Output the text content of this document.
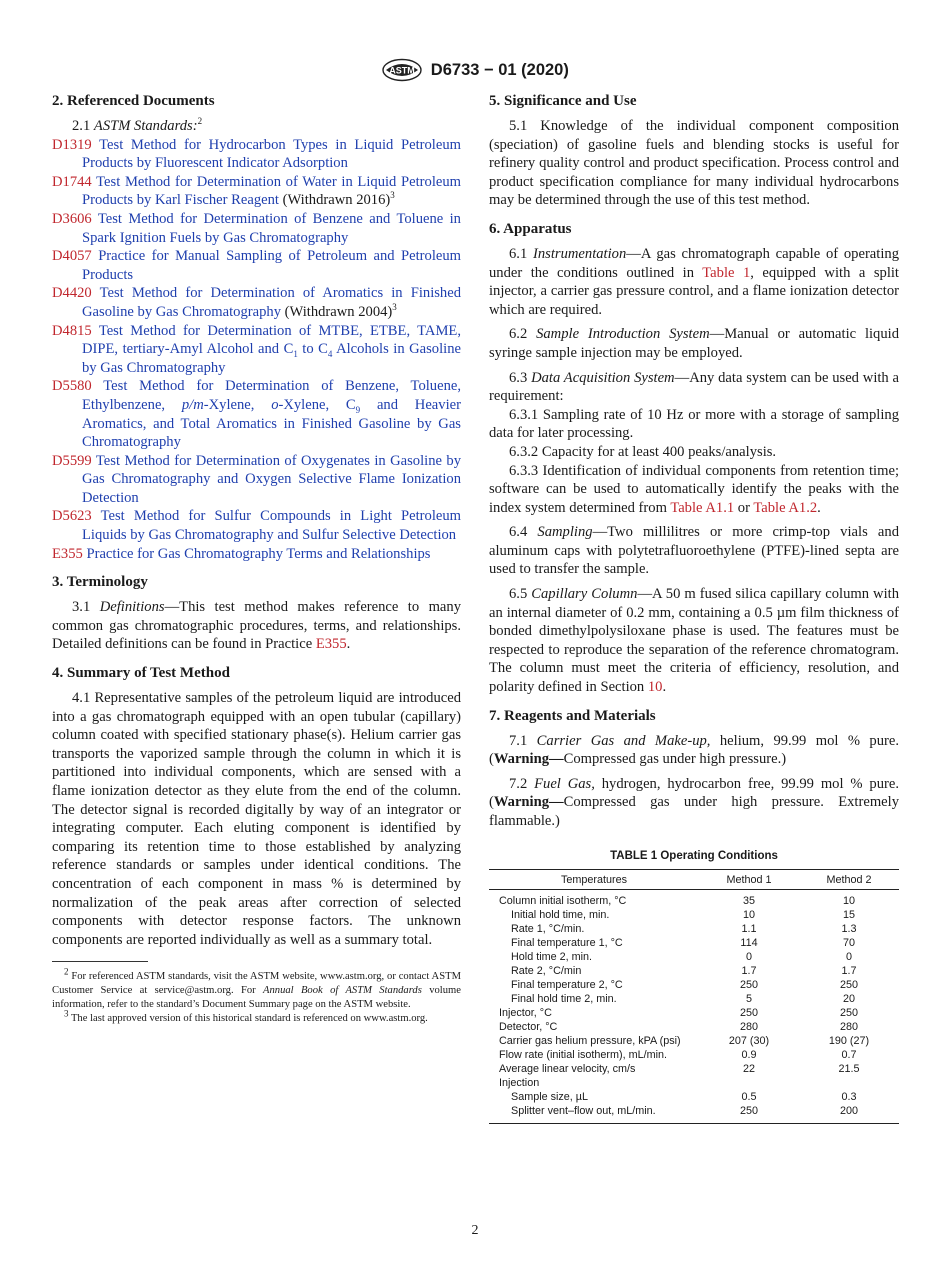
ASTM D6733 − 01 (2020)
2. Referenced Documents

2.1 ASTM Standards:$^2$

D1319 Test Method for Hydrocarbon Types in Liquid Petroleum Products by Fluorescent Indicator Adsorption

D1744 Test Method for Determination of Water in Liquid Petroleum Products by Karl Fischer Reagent (Withdrawn 2016)$^3$

D3606 Test Method for Determination of Benzene and Toluene in Spark Ignition Fuels by Gas Chromatography

D4057 Practice for Manual Sampling of Petroleum and Petroleum Products

D4420 Test Method for Determination of Aromatics in Finished Gasoline by Gas Chromatography (Withdrawn 2004)$^3$

D4815 Test Method for Determination of MTBE, ETBE, TAME, DIPE, tertiary-Amyl Alcohol and $C_1$ to $C_4$ Alcohols in Gasoline by Gas Chromatography

D5580 Test Method for Determination of Benzene, Toluene, Ethylbenzene, p/m-Xylene, o-Xylene, $C_9$ and Heavier Aromatics, and Total Aromatics in Finished Gasoline by Gas Chromatography

D5599 Test Method for Determination of Oxygenates in Gasoline by Gas Chromatography and Oxygen Selective Flame Ionization Detection

D5623 Test Method for Sulfur Compounds in Light Petroleum Liquids by Gas Chromatography and Sulfur Selective Detection

E355 Practice for Gas Chromatography Terms and Relationships

3. Terminology

3.1 Definitions—This test method makes reference to many common gas chromatographic procedures, terms, and relationships. Detailed definitions can be found in Practice E355.

4. Summary of Test Method

4.1 Representative samples of the petroleum liquid are introduced into a gas chromatograph equipped with an open tubular (capillary) column coated with specified stationary phase(s). Helium carrier gas transports the vaporized sample through the column in which it is partitioned into individual components, which are sensed with a flame ionization detector as they elute from the end of the column. The detector signal is recorded digitally by way of an integrator or integrating computer. Each eluting component is identified by comparing its retention time to those established by analyzing reference standards or samples under identical conditions. The concentration of each component in mass % is determined by normalization of the peak areas after correction of selected components with detector response factors. The unknown components are reported individually as well as a summary total.

$^2$ For referenced ASTM standards, visit the ASTM website, www.astm.org, or contact ASTM Customer Service at service@astm.org. For Annual Book of ASTM Standards volume information, refer to the standard’s Document Summary page on the ASTM website.

$^3$ The last approved version of this historical standard is referenced on www.astm.org.

5. Significance and Use

5.1 Knowledge of the individual component composition (speciation) of gasoline fuels and blending stocks is useful for refinery quality control and product specification. Process control and product specification compliance for many individual hydrocarbons may be determined through the use of this test method.

6. Apparatus

6.1 Instrumentation—A gas chromatograph capable of operating under the conditions outlined in Table 1, equipped with a split injector, a carrier gas pressure control, and a flame ionization detector which are required.

6.2 Sample Introduction System—Manual or automatic liquid syringe sample injection may be employed.

6.3 Data Acquisition System—Any data system can be used with a requirement:

6.3.1 Sampling rate of 10 Hz or more with a storage of sampling data for later processing.

6.3.2 Capacity for at least 400 peaks/analysis.

6.3.3 Identification of individual components from retention time; software can be used to automatically identify the peaks with the index system determined from Table A1.1 or Table A1.2.

6.4 Sampling—Two millilitres or more crimp-top vials and aluminum caps with polytetrafluoroethylene (PTFE)-lined septa are used to transfer the sample.

6.5 Capillary Column—A 50 m fused silica capillary column with an internal diameter of 0.2 mm, containing a 0.5 µm film thickness of bonded dimethylpolysiloxane phase is used. The features must be respected to reproduce the separation of the reference chromatogram. The column must meet the criteria of efficiency, resolution, and polarity defined in Section 10.

7. Reagents and Materials

7.1 Carrier Gas and Make-up, helium, 99.99 mol % pure. (Warning—Compressed gas under high pressure.)

7.2 Fuel Gas, hydrogen, hydrocarbon free, 99.99 mol % pure. (Warning—Compressed gas under high pressure. Extremely flammable.)

TABLE 1 Operating Conditions
Temperatures	Method 1	Method 2
Column initial isotherm, °C	35	10
Initial hold time, min.	10	15
Rate 1, °C/min.	1.1	1.3
Final temperature 1, °C	114	70
Hold time 2, min.	0	0
Rate 2, °C/min	1.7	1.7
Final temperature 2, °C	250	250
Final hold time 2, min.	5	20
Injector, °C	250	250
Detector, °C	280	280
Carrier gas helium pressure, kPA (psi)	207 (30)	190 (27)
Flow rate (initial isotherm), mL/min.	0.9	0.7
Average linear velocity, cm/s	22	21.5
Injection		
Sample size, µL	0.5	0.3
Splitter vent–flow out, mL/min.	250	200
2
